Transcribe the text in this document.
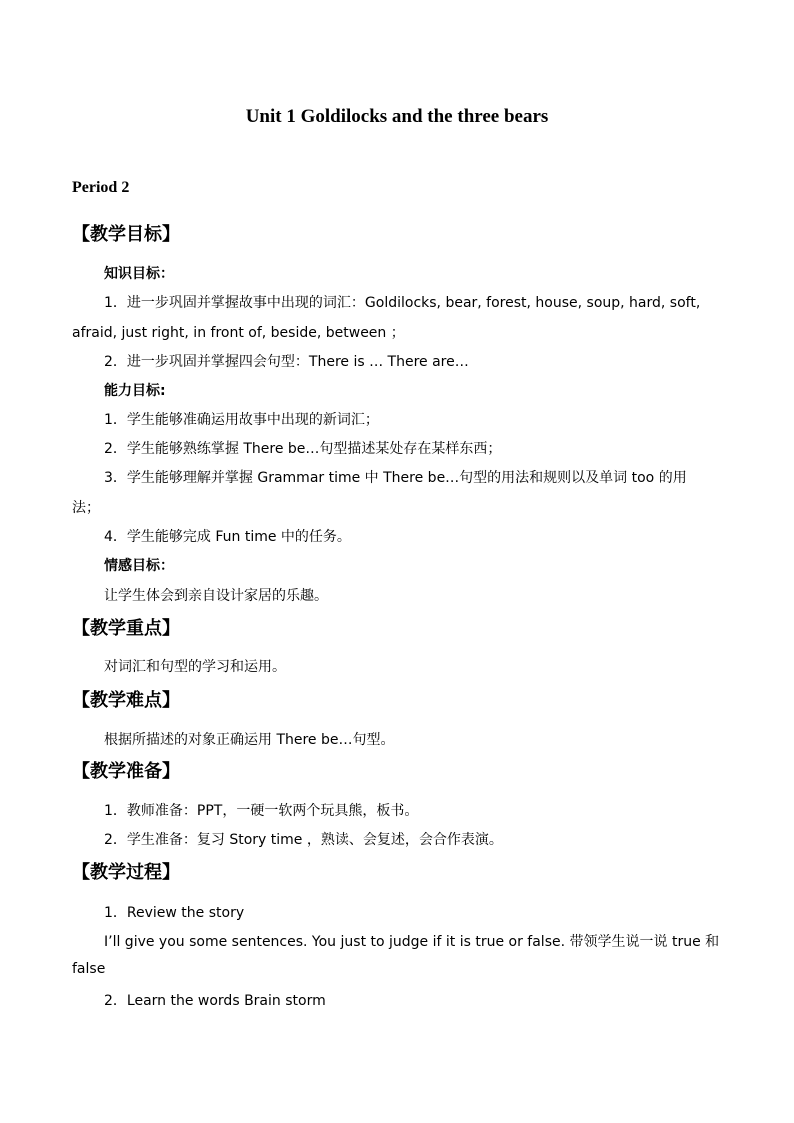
Unit 1 Goldilocks and the three bears
Period 2
【教学目标】
知识目标：
1．进一步巩固并掌握故事中出现的词汇：Goldilocks, bear, forest, house, soup, hard, soft,
afraid, just right, in front of, beside, between ；
2．进一步巩固并掌握四会句型：There is … There are…
能力目标:
1．学生能够准确运用故事中出现的新词汇；
2．学生能够熟练掌握 There be…句型描述某处存在某样东西；
3．学生能够理解并掌握 Grammar time 中 There be…句型的用法和规则以及单词 too 的用
法；
4．学生能够完成 Fun time 中的任务。
情感目标：
让学生体会到亲自设计家居的乐趣。
【教学重点】
对词汇和句型的学习和运用。
【教学难点】
根据所描述的对象正确运用 There be…句型。
【教学准备】
1．教师准备：PPT，一硬一软两个玩具熊，板书。
2．学生准备：复习 Story time ，熟读、会复述，会合作表演。
【教学过程】
1．Review the story
I’ll give you some sentences. You just to judge if it is true or false. 带领学生说一说 true 和
false
2．Learn the words Brain storm
